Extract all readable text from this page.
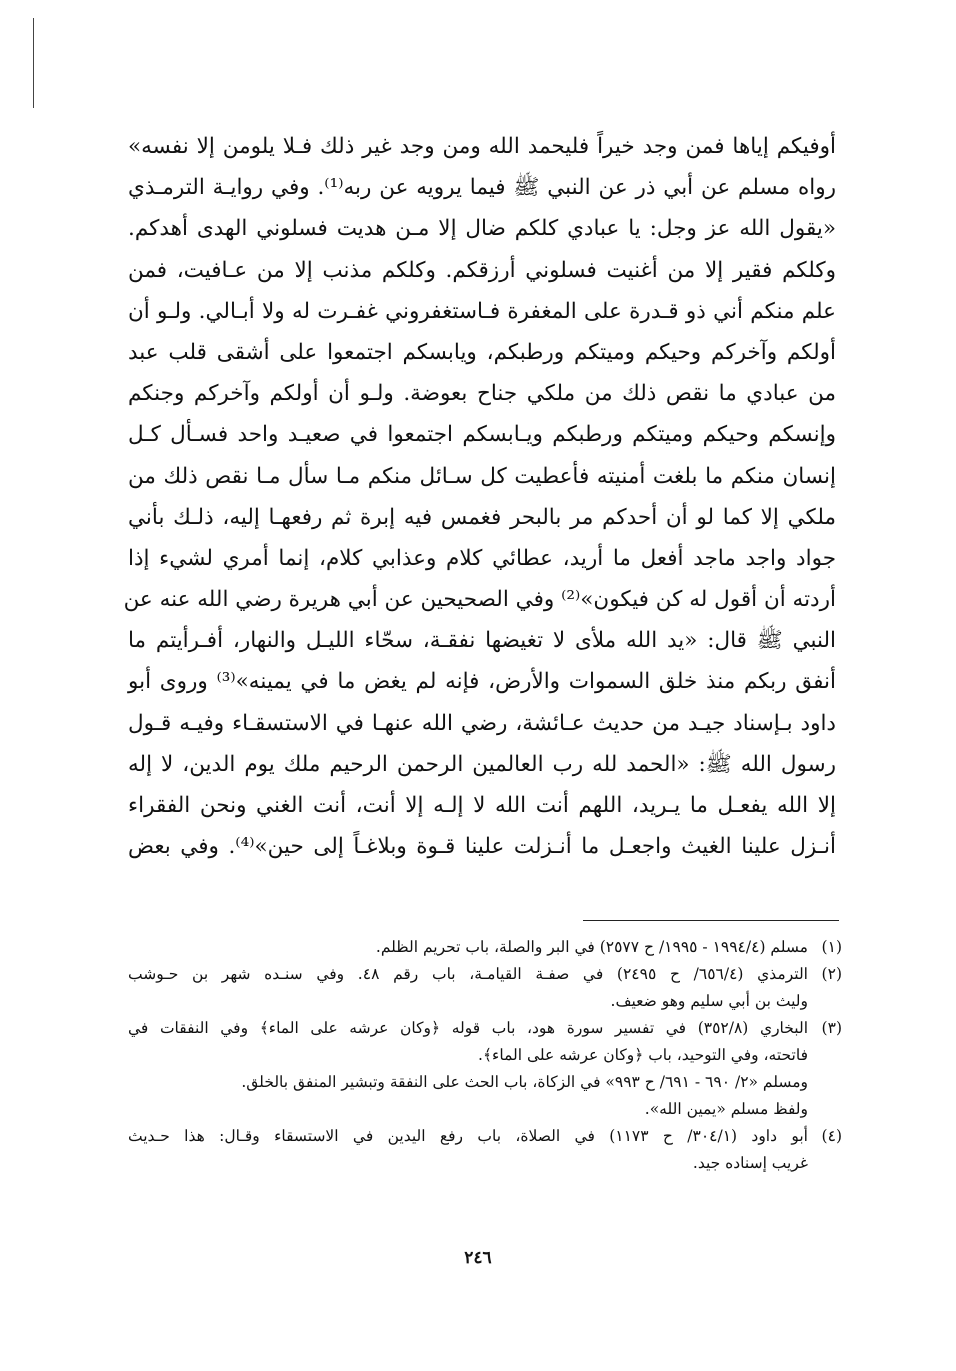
أوفيكم إياها فمن وجد خيراً فليحمد الله ومن وجد غير ذلك فـلا يلومن إلا نفسه»
رواه مسلم عن أبي ذر عن النبي ﷺ فيما يرويه عن ربه⁽¹⁾. وفي روايـة الترمـذي
«يقول الله عز وجل: يا عبادي كلكم ضال إلا مـن هديت فسلوني الهدى أهدكم.
وكلكم فقير إلا من أغنيت فسلوني أرزقكم. وكلكم مذنب إلا من عـافيت، فمن
علم منكم أني ذو قـدرة على المغفرة فـاستغفروني غفـرت له ولا أبـالي. ولـو أن
أولكم وآخركم وحيكم وميتكم ورطبكم، ويابسكم اجتمعوا على أشقى قلب عبد
من عبادي ما نقص ذلك من ملكي جناح بعوضة. ولـو أن أولكم وآخركم وجنكم
وإنسكم وحيكم وميتكم ورطبكم ويـابسكم اجتمعوا في صعيـد واحد فسـأل كـل
إنسان منكم ما بلغت أمنيته فأعطيت كل سـائل منكم مـا سأل مـا نقص ذلك من
ملكي إلا كما لو أن أحدكم مر بالبحر فغمس فيه إبرة ثم رفعهـا إليه، ذلـك بأني
جواد واجد ماجد أفعل ما أريد، عطائي كلام وعذابي كلام، إنما أمري لشيء إذا
أردته أن أقول له كن فيكون»⁽²⁾ وفي الصحيحين عن أبي هريرة رضي الله عنه عن
النبي ﷺ قال: «يد الله ملأى لا تغيضها نفقـة، سحّاء الليـل والنهار، أفـرأيتم ما
أنفق ربكم منذ خلق السموات والأرض، فإنه لم يغض ما في يمينه»⁽³⁾ وروى أبو
داود بـإسناد جيـد من حديث عـائشة، رضي الله عنهـا في الاستسقـاء وفيـه قـول
رسول الله ﷺ: «الحمد لله رب العالمين الرحمن الرحيم ملك يوم الدين، لا إله
إلا الله يفعـل ما يـريد، اللهم أنت الله لا إلـه إلا أنت، أنت الغني ونحن الفقراء
أنـزل علينا الغيث واجعـل ما أنـزلت علينا قـوة وبلاغـاً إلى حين»⁽⁴⁾. وفي بعض
(١)
مسلم (١٩٩٤/٤ - ١٩٩٥/ ح ٢٥٧٧) في البر والصلة، باب تحريم الظلم.
(٢)
الترمذي (٦٥٦/٤/ ح ٢٤٩٥) في صفـة القيامـة، باب رقم ٤٨. وفي سنـده شهر بن حـوشب
وليث بن أبي سليم وهو ضعيف.
(٣)
البخاري (٣٥٢/٨) في تفسير سورة هود، باب قوله ﴿وكان عرشه على الماء﴾ وفي النفقات في
فاتحته، وفي التوحيد، باب ﴿وكان عرشه على الماء﴾.
ومسلم «٢/ ٦٩٠ - ٦٩١/ ح ٩٩٣» في الزكاة، باب الحث على النفقة وتبشير المنفق بالخلق.
ولفظ مسلم «يمين الله».
(٤)
أبو داود (٣٠٤/١/ ح ١١٧٣) في الصلاة، باب رفع اليدين في الاستسقاء وقـال: هذا حـديث
غريب إسناده جيد.
٢٤٦
